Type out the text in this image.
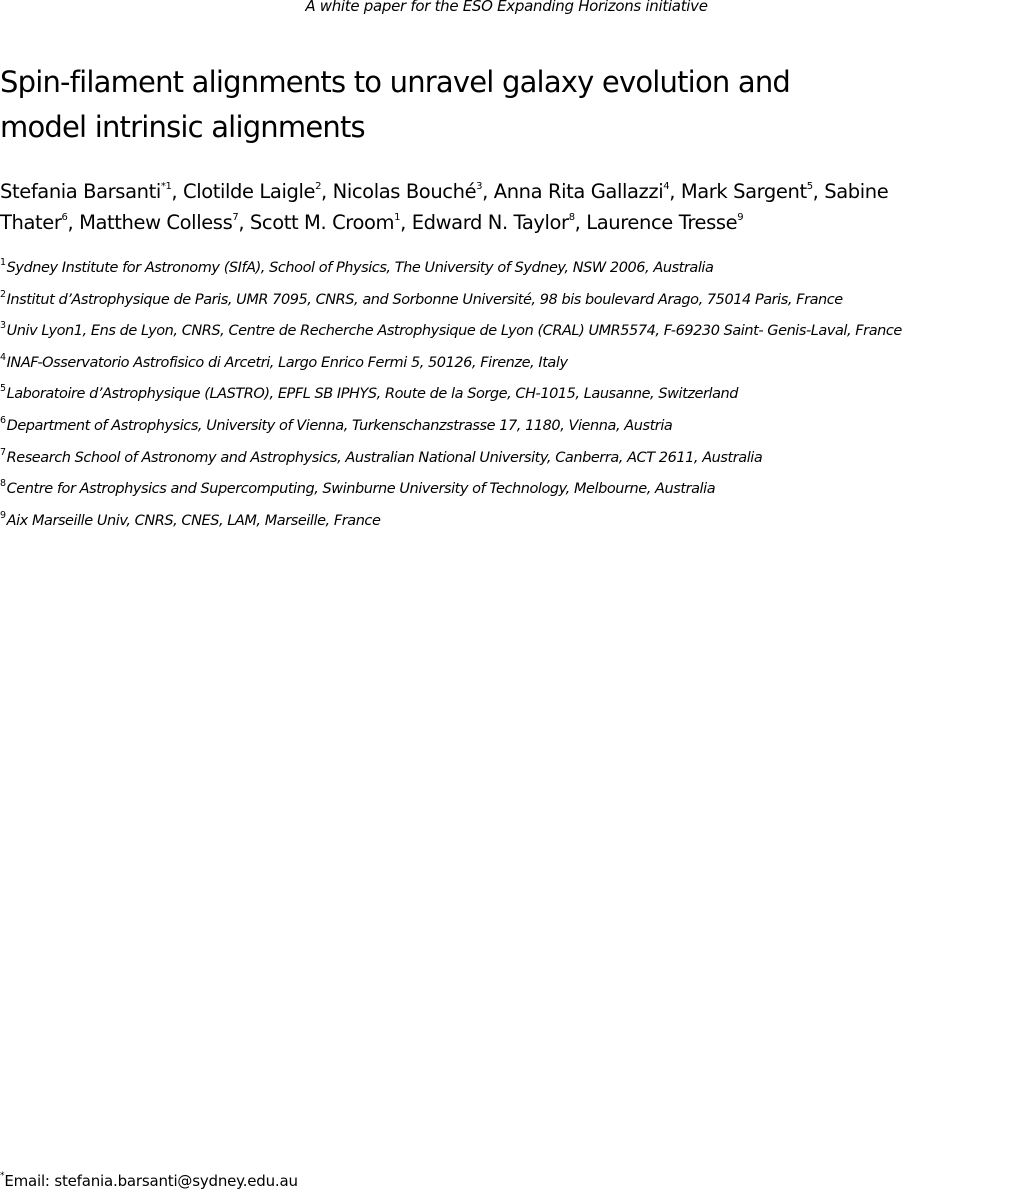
A white paper for the ESO Expanding Horizons initiative
Spin-filament alignments to unravel galaxy evolution and
model intrinsic alignments

Stefania Barsanti$^{*1}$, Clotilde Laigle$^2$, Nicolas Bouché$^3$, Anna Rita Gallazzi$^4$, Mark Sargent$^5$, Sabine
Thater$^6$, Matthew Colless$^7$, Scott M. Croom$^1$, Edward N. Taylor$^8$, Laurence Tresse$^9$

$^1$Sydney Institute for Astronomy (SIfA), School of Physics, The University of Sydney, NSW 2006, Australia
$^2$Institut d’Astrophysique de Paris, UMR 7095, CNRS, and Sorbonne Université, 98 bis boulevard Arago, 75014 Paris, France
$^3$Univ Lyon1, Ens de Lyon, CNRS, Centre de Recherche Astrophysique de Lyon (CRAL) UMR5574, F-69230 Saint- Genis-Laval, France
$^4$INAF-Osservatorio Astrofisico di Arcetri, Largo Enrico Fermi 5, 50126, Firenze, Italy
$^5$Laboratoire d’Astrophysique (LASTRO), EPFL SB IPHYS, Route de la Sorge, CH-1015, Lausanne, Switzerland
$^6$Department of Astrophysics, University of Vienna, Turkenschanzstrasse 17, 1180, Vienna, Austria
$^7$Research School of Astronomy and Astrophysics, Australian National University, Canberra, ACT 2611, Australia
$^8$Centre for Astrophysics and Supercomputing, Swinburne University of Technology, Melbourne, Australia
$^9$Aix Marseille Univ, CNRS, CNES, LAM, Marseille, France
*Email: stefania.barsanti@sydney.edu.au
